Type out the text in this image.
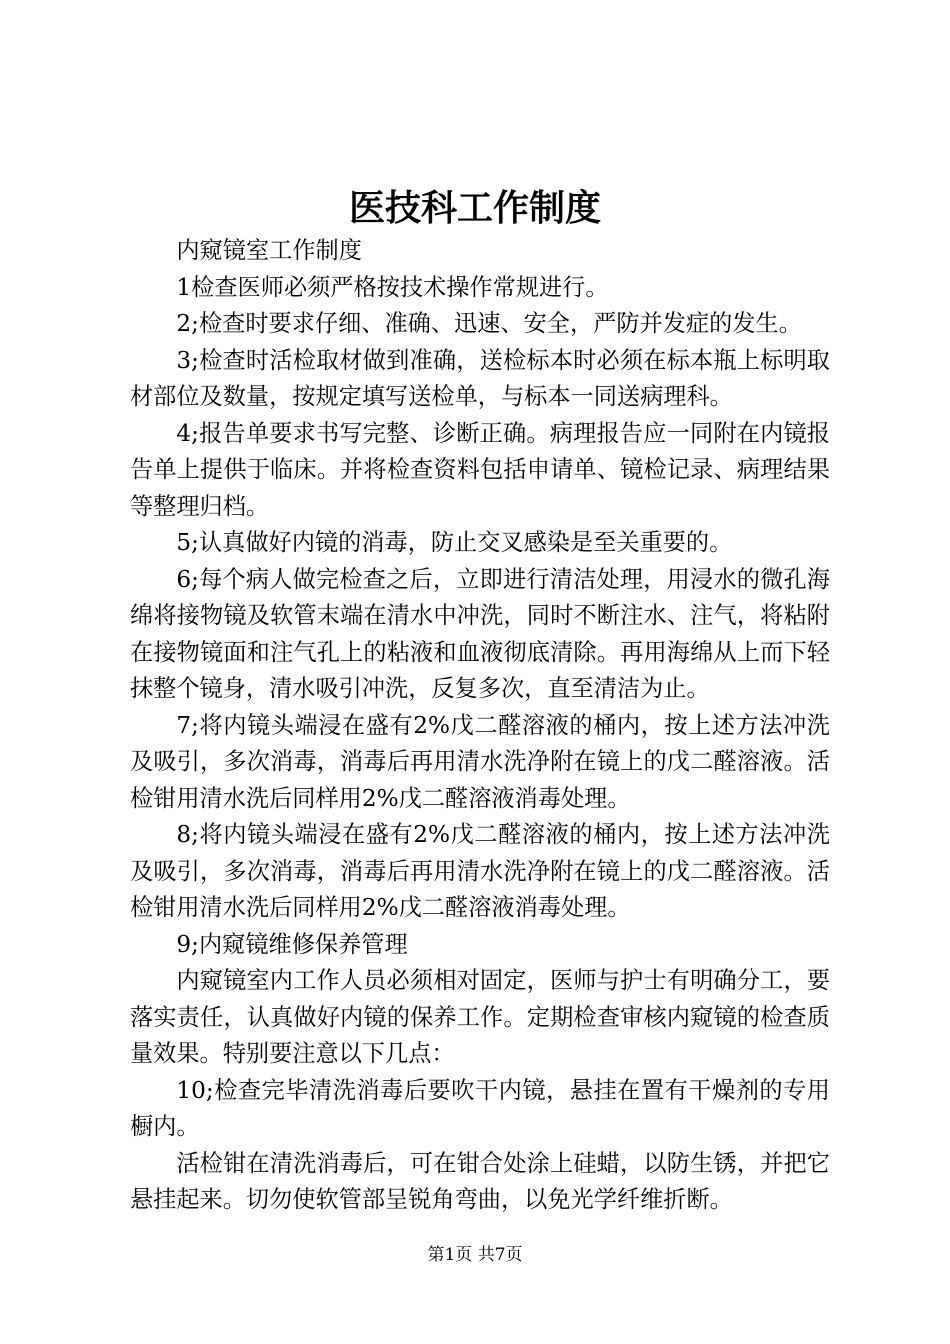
医技科工作制度

内窥镜室工作制度

1检查医师必须严格按技术操作常规进行。

2;检查时要求仔细、准确、迅速、安全，严防并发症的发生。

3;检查时活检取材做到准确，送检标本时必须在标本瓶上标明取材部位及数量，按规定填写送检单，与标本一同送病理科。

4;报告单要求书写完整、诊断正确。病理报告应一同附在内镜报告单上提供于临床。并将检查资料包括申请单、镜检记录、病理结果等整理归档。

5;认真做好内镜的消毒，防止交叉感染是至关重要的。

6;每个病人做完检查之后，立即进行清洁处理，用浸水的微孔海绵将接物镜及软管末端在清水中冲洗，同时不断注水、注气，将粘附在接物镜面和注气孔上的粘液和血液彻底清除。再用海绵从上而下轻抹整个镜身，清水吸引冲洗，反复多次，直至清洁为止。

7;将内镜头端浸在盛有2%戊二醛溶液的桶内，按上述方法冲洗及吸引，多次消毒，消毒后再用清水洗净附在镜上的戊二醛溶液。活检钳用清水洗后同样用2%戊二醛溶液消毒处理。

8;将内镜头端浸在盛有2%戊二醛溶液的桶内，按上述方法冲洗及吸引，多次消毒，消毒后再用清水洗净附在镜上的戊二醛溶液。活检钳用清水洗后同样用2%戊二醛溶液消毒处理。

9;内窥镜维修保养管理

内窥镜室内工作人员必须相对固定，医师与护士有明确分工，要落实责任，认真做好内镜的保养工作。定期检查审核内窥镜的检查质量效果。特别要注意以下几点：

10;检查完毕清洗消毒后要吹干内镜，悬挂在置有干燥剂的专用橱内。

活检钳在清洗消毒后，可在钳合处涂上硅蜡，以防生锈，并把它悬挂起来。切勿使软管部呈锐角弯曲，以免光学纤维折断。

第1页 共7页
